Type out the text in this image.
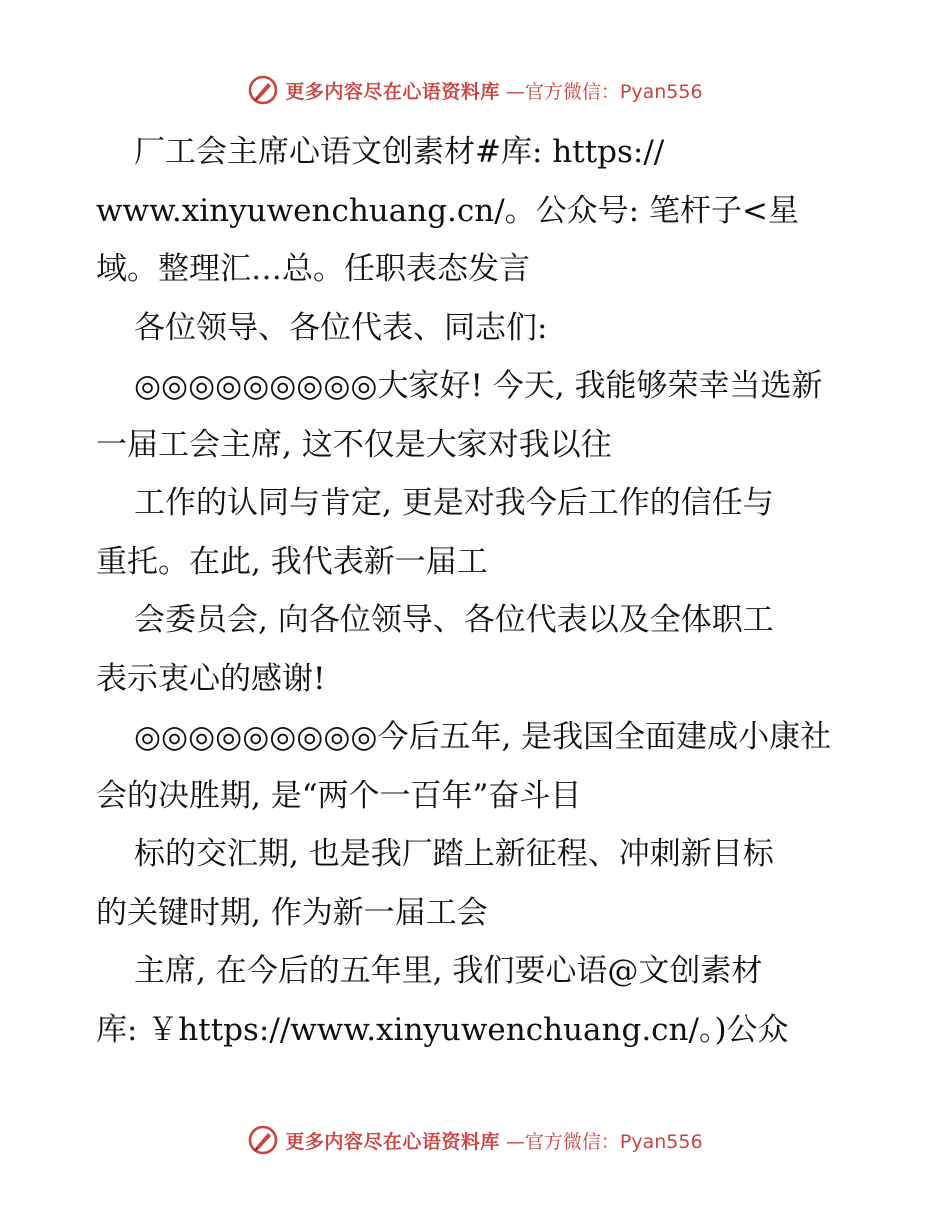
更多内容尽在心语资料库 —官方微信：Pyan556
厂工会主席心语文创素材#库: https://
www.xinyuwenchuang.cn/。公众号: 笔杆子<星
域。整理汇…总。任职表态发言
各位领导、各位代表、同志们:
◎◎◎◎◎◎◎◎◎大家好! 今天, 我能够荣幸当选新
一届工会主席, 这不仅是大家对我以往
工作的认同与肯定, 更是对我今后工作的信任与
重托。在此, 我代表新一届工
会委员会, 向各位领导、各位代表以及全体职工
表示衷心的感谢!
◎◎◎◎◎◎◎◎◎今后五年, 是我国全面建成小康社
会的决胜期, 是“两个一百年”奋斗目
标的交汇期, 也是我厂踏上新征程、冲刺新目标
的关键时期, 作为新一届工会
主席, 在今后的五年里, 我们要心语@文创素材
库: ￥https://www.xinyuwenchuang.cn/。)公众
更多内容尽在心语资料库 —官方微信：Pyan556
